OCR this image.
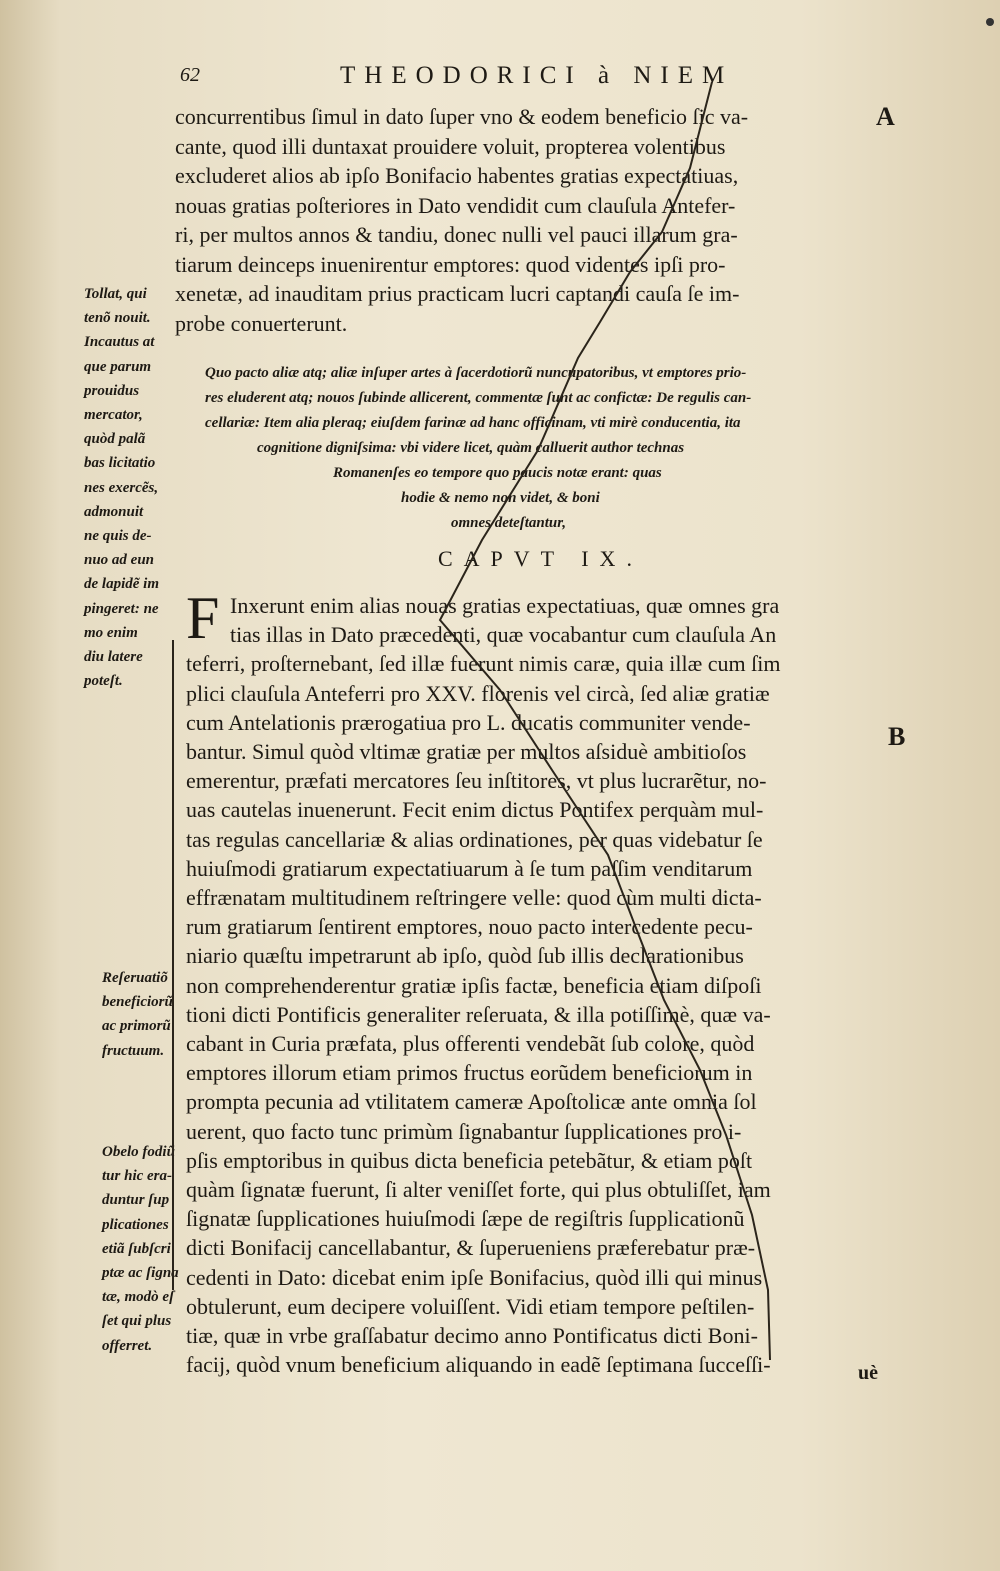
62	THEODORICI à NIEM
A
B
concurrentibus ſimul in dato ſuper vno & eodem beneficio ſic va-
cante, quod illi duntaxat prouidere voluit, propterea volentibus
excluderet alios ab ipſo Bonifacio habentes gratias expectatiuas,
nouas gratias poſteriores in Dato vendidit cum clauſula Antefer-
ri, per multos annos & tandiu, donec nulli vel pauci illarum gra-
tiarum deinceps inuenirentur emptores: quod videntes ipſi pro-
xenetæ, ad inauditam prius practicam lucri captandi cauſa ſe im-
probe conuerterunt.
Quo pacto aliæ atq; aliæ inſuper artes à ſacerdotiorũ nuncupatoribus, vt emptores prio-
res eluderent atq; nouos ſubinde allicerent, commentæ ſunt ac confictæ: De regulis can-
cellariæ: Item alia pleraq; eiuſdem farinæ ad hanc officinam, vti mirè conducentia, ita
cognitione digniſsima: vbi videre licet, quàm calluerit author technas
Romanenſes eo tempore quo paucis notæ erant: quas
hodie & nemo non videt, & boni
omnes deteſtantur,
CAPVT IX.
F Inxerunt enim alias nouas gratias expectatiuas, quæ omnes gra
tias illas in Dato præcedenti, quæ vocabantur cum clauſula An
teferri, proſternebant, ſed illæ fuerunt nimis caræ, quia illæ cum ſim
plici clauſula Anteferri pro XXV. florenis vel circà, ſed aliæ gratiæ
cum Antelationis prærogatiua pro L. ducatis communiter vende-
bantur. Simul quòd vltimæ gratiæ per multos aſsiduè ambitioſos
emerentur, præfati mercatores ſeu inſtitores, vt plus lucrarẽtur, no-
uas cautelas inuenerunt. Fecit enim dictus Pontifex perquàm mul-
tas regulas cancellariæ & alias ordinationes, per quas videbatur ſe
huiuſmodi gratiarum expectatiuarum à ſe tum paſſim venditarum
effrænatam multitudinem reſtringere velle: quod cùm multi dicta-
rum gratiarum ſentirent emptores, nouo pacto intercedente pecu-
niario quæſtu impetrarunt ab ipſo, quòd ſub illis declarationibus
non comprehenderentur gratiæ ipſis factæ, beneficia etiam diſpoſi
tioni dicti Pontificis generaliter reſeruata, & illa potiſſimè, quæ va-
cabant in Curia præfata, plus offerenti vendebãt ſub colore, quòd
emptores illorum etiam primos fructus eorũdem beneficiorum in
prompta pecunia ad vtilitatem cameræ Apoſtolicæ ante omnia ſol
uerent, quo facto tunc primùm ſignabantur ſupplicationes pro i-
pſis emptoribus in quibus dicta beneficia petebãtur, & etiam poſt
quàm ſignatæ fuerunt, ſi alter veniſſet forte, qui plus obtuliſſet, iam
ſignatæ ſupplicationes huiuſmodi ſæpe de regiſtris ſupplicationũ
dicti Bonifacij cancellabantur, & ſuperueniens præferebatur præ-
cedenti in Dato: dicebat enim ipſe Bonifacius, quòd illi qui minus
obtulerunt, eum decipere voluiſſent. Vidi etiam tempore peſtilen-
tiæ, quæ in vrbe graſſabatur decimo anno Pontificatus dicti Boni-
facij, quòd vnum beneficium aliquando in eadẽ ſeptimana ſucceſſi-	uè
Tollat, qui
tenõ nouit.
Incautus at
que parum
prouidus
mercator,
quòd palã
bas licitatio
nes exercẽs,
admonuit
ne quis de-
nuo ad eun
de lapidẽ im
pingeret: ne
mo enim
diu latere
poteſt.
Reſeruatiõ
beneficiorũ
ac primorũ
fructuum.
Obelo fodiũ
tur hic era-
duntur ſup
plicationes
etiã ſubſcri
ptæ ac ſigna
tæ, modò eſ
ſet qui plus
offerret.
